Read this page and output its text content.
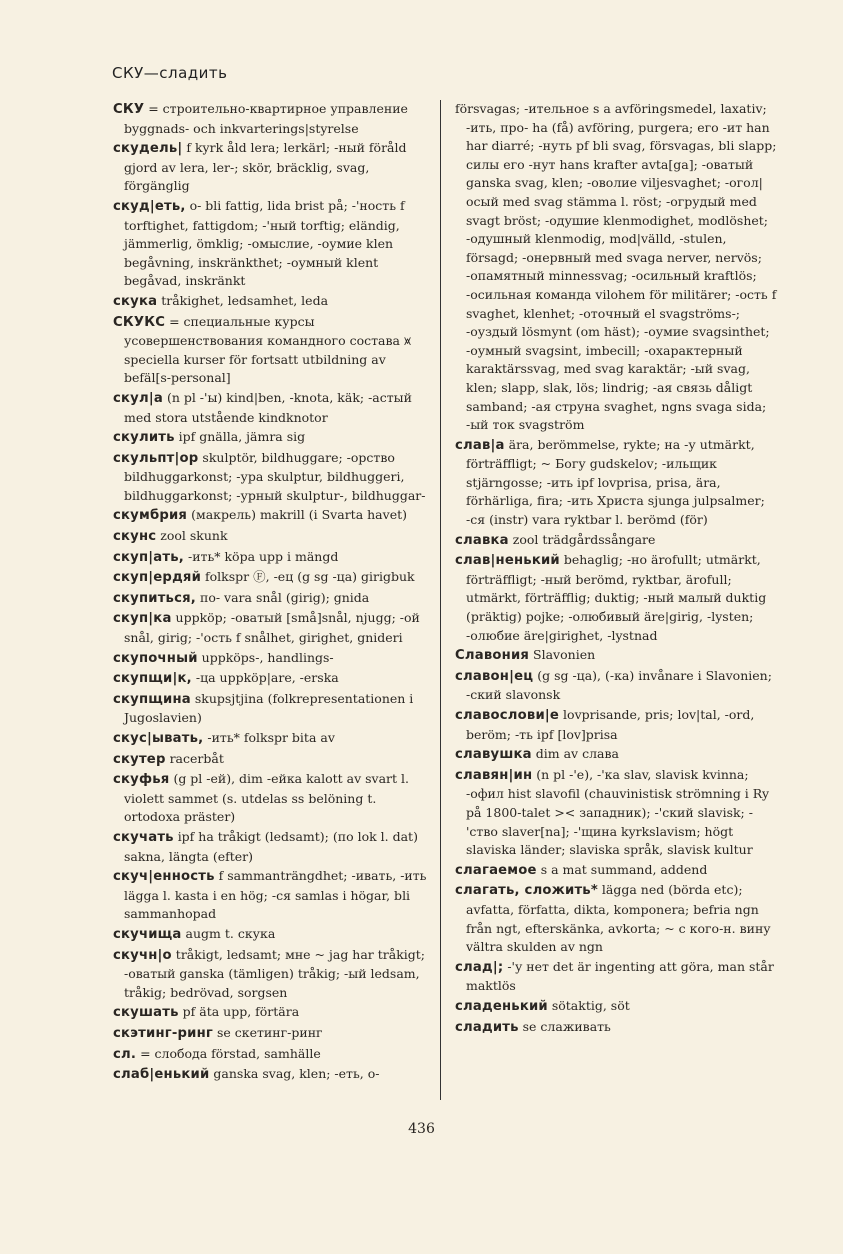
СКУ—сладить
СКУ = строительно-квартирное управление byggnads- och inkvarterings|styrelse
скудель| f kyrk åld lera; lerkärl; -ный föråld gjord av lera, ler-; skör, bräcklig, svag, förgänglig
скуд|еть, о- bli fattig, lida brist på; -'ность f torftighet, fattigdom; -'ный torftig; eländig, jämmerlig, ömklig; -омыслие, -оумие klen begåvning, inskränkthet; -оумный klent begåvad, inskränkt
скука tråkighet, ledsamhet, leda
СКУКС = специальные курсы усовершенствования командного состава ⩙ speciella kurser för fortsatt utbildning av befäl[s-personal]
скул|а (n pl -'ы) kind|ben, -knota, käk; -астый med stora utstående kindknotor
скулить ipf gnälla, jämra sig
скульпт|ор skulptör, bildhuggare; -орство bildhuggarkonst; -ура skulptur, bildhuggeri, bildhuggarkonst; -урный skulptur-, bildhuggar-
скумбрия (макрель) makrill (i Svarta havet)
скунс zool skunk
скуп|ать, -ить* köpa upp i mängd
скуп|ердяй folkspr Ⓕ, -ец (g sg -ца) girigbuk
скупиться, по- vara snål (girig); gnida
скуп|ка uppköp; -оватый [små]snål, njugg; -ой snål, girig; -'ость f snålhet, girighet, gnideri
скупочный uppköps-, handlings-
скупщи|к, -ца uppköp|are, -erska
скупщина skupsjtjina (folkrepresentationen i Jugoslavien)
скус|ывать, -ить* folkspr bita av
скутер racerbåt
скуфья (g pl -ей), dim -ейка kalott av svart l. violett sammet (s. utdelas ss belöning t. ortodoxa präster)
скучать ipf ha tråkigt (ledsamt); (по lok l. dat) sakna, längta (efter)
скуч|енность f sammanträngdhet; -ивать, -ить lägga l. kasta i en hög; -ся samlas i högar, bli sammanhopad
скучища augm t. скука
скучн|о tråkigt, ledsamt; мне ~ jag har tråkigt; -оватый ganska (tämligen) tråkig; -ый ledsam, tråkig; bedrövad, sorgsen
скушать pf äta upp, förtära
скэтинг-ринг se скетинг-ринг
сл. = слобода förstad, samhälle
слаб|енький ganska svag, klen; -еть, о-
försvagas; -ительное s a avföringsmedel, laxativ; -ить, про- ha (få) avföring, purgera; его -ит han har diarré; -нуть pf bli svag, försvagas, bli slapp; силы его -нут hans krafter avta[ga]; -оватый ganska svag, klen; -оволие viljesvaghet; -огол|осый med svag stämma l. röst; -огрудый med svagt bröst; -одушие klenmodighet, modlöshet; -одушный klenmodig, mod|välld, -stulen, försagd; -онервный med svaga nerver, nervös; -опамятный minnessvag; -осильный kraftlös; -осильная команда vilohem för militärer; -ость f svaghet, klenhet; -оточный el svagströms-; -оуздый lösmynt (om häst); -оумие svagsinthet; -оумный svagsint, imbecill; -охарактерный karaktärssvag, med svag karaktär; -ый svag, klen; slapp, slak, lös; lindrig; -ая связь dåligt samband; -ая струна svaghet, ngns svaga sida; -ый ток svagström
слав|а ära, berömmelse, rykte; на -у utmärkt, förträffligt; ~ Богу gudskelov; -ильщик stjärngosse; -ить ipf lovprisa, prisa, ära, förhärliga, fira; -ить Христа sjunga julpsalmer; -ся (instr) vara ryktbar l. berömd (för)
славка zool trädgårdssångare
слав|ненький behaglig; -но ärofullt; utmärkt, förträffligt; -ный berömd, ryktbar, ärofull; utmärkt, förträfflig; duktig; -ный малый duktig (präktig) pojke; -олюбивый äre|girig, -lysten; -олюбие äre|girighet, -lystnad
Славония Slavonien
славон|ец (g sg -ца), (-ка) invånare i Slavonien; -ский slavonsk
славослови|е lovprisande, pris; lov|tal, -ord, beröm; -ть ipf [lov]prisa
славушка dim av слава
славян|ин (n pl -'е), -'ка slav, slavisk kvinna; -офил hist slavofil (chauvinistisk strömning i Ry på 1800-talet >< западник); -'ский slavisk; -'ство slaver[na]; -'щина kyrkslavism; högt slaviska länder; slaviska språk, slavisk kultur
слагаемое s a mat summand, addend
слагать, сложить* lägga ned (börda etc); avfatta, författa, dikta, komponera; befria ngn från ngt, efterskänka, avkorta; ~ с кого-н. вину vältra skulden av ngn
слад|; -'у нет det är ingenting att göra, man står maktlös
сладенький sötaktig, söt
сладить se слаживать
436
